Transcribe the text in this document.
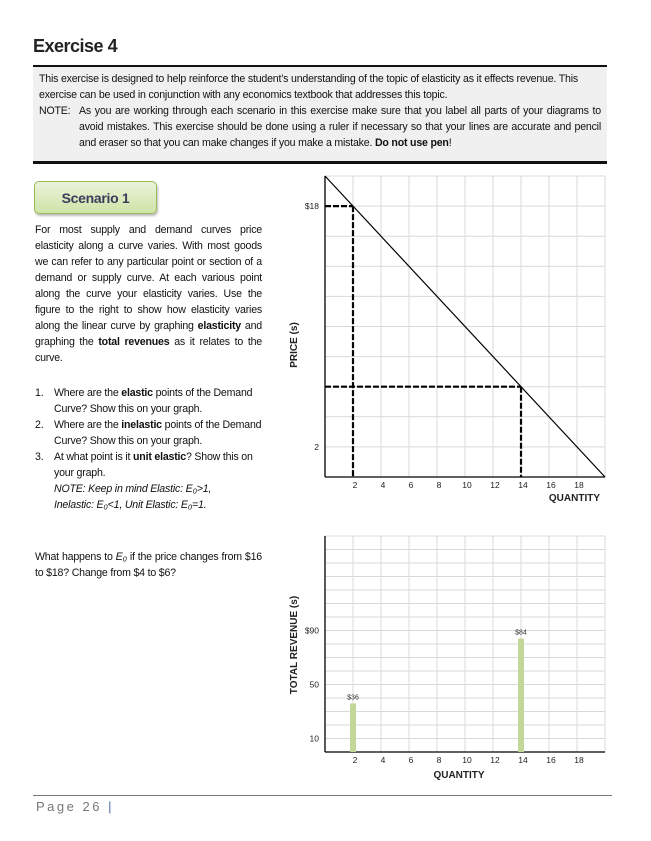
Exercise 4

This exercise is designed to help reinforce the student’s understanding of the topic of elasticity as it effects revenue. This exercise can be used in conjunction with any economics textbook that addresses this topic.

NOTE: As you are working through each scenario in this exercise make sure that you label all parts of your diagrams to avoid mistakes. This exercise should be done using a ruler if necessary so that your lines are accurate and pencil and eraser so that you can make changes if you make a mistake. Do not use pen!
Scenario 1
For most supply and demand curves price elasticity along a curve varies. With most goods we can refer to any particular point or section of a demand or supply curve. At each various point along the curve your elasticity varies. Use the figure to the right to show how elasticity varies along the linear curve by graphing elasticity and graphing the total revenues as it relates to the curve.
1. Where are the elastic points of the Demand Curve? Show this on your graph.
2. Where are the inelastic points of the Demand Curve? Show this on your graph.
3. At what point is it unit elastic? Show this on your graph.
NOTE: Keep in mind Elastic: E₀>1,
Inelastic: E₀<1, Unit Elastic: E₀=1.
What happens to E₀ if the price changes from $16 to $18? Change from $4 to $6?
2	4	6	8 10 12 14 16 18
$18
2
QUANTITY
PRICE (s)
2	4	6	8 10 12 14 16 18
$90
50
10
QUANTITY
TOTAL REVENUE (s)
$36
$84
Page 26 |
